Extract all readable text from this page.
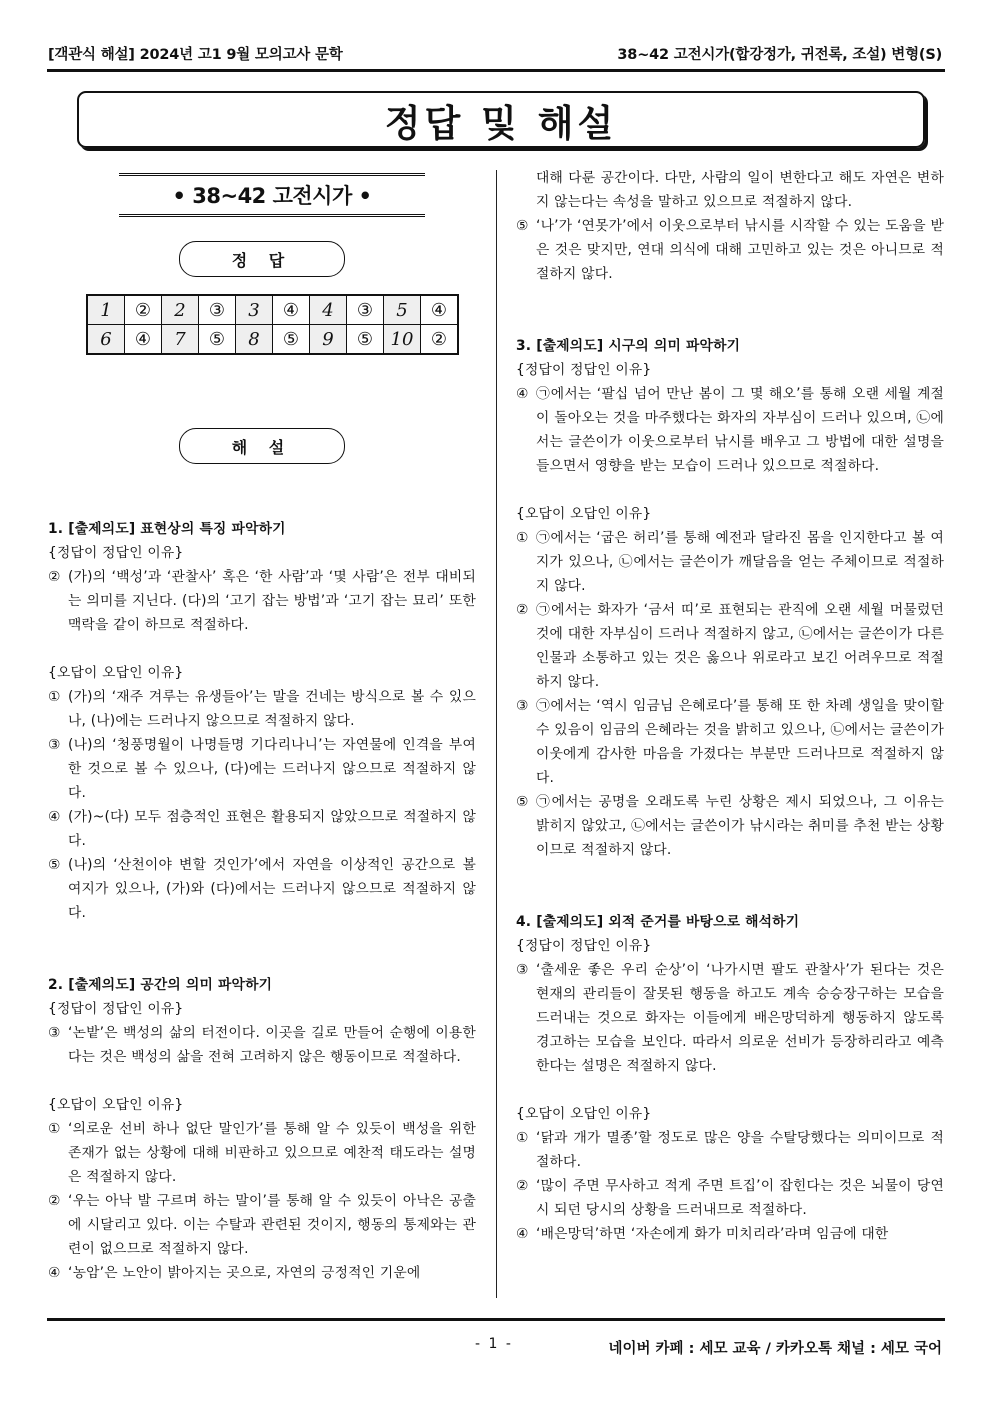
[객관식 해설] 2024년 고1 9월 모의고사 문학	38~42 고전시가(합강정가, 귀전록, 조설) 변형(S)
정답 및 해설
• 38~42 고전시가 •
정 답
1	②	2	③	3	④	4	③	5	④
6	④	7	⑤	8	⑤	9	⑤	10	②
해 설
1. [출제의도] 표현상의 특징 파악하기
{정답이 정답인 이유}
② (가)의 ‘백성’과 ‘관찰사’ 혹은 ‘한 사람’과 ‘몇 사람’은 전부 대비되는 의미를 지닌다. (다)의 ‘고기 잡는 방법’과 ‘고기 잡는 묘리’ 또한 맥락을 같이 하므로 적절하다.
{오답이 오답인 이유}
① (가)의 ‘재주 겨루는 유생들아’는 말을 건네는 방식으로 볼 수 있으나, (나)에는 드러나지 않으므로 적절하지 않다.
③ (나)의 ‘청풍명월이 나명들명 기다리나니’는 자연물에 인격을 부여한 것으로 볼 수 있으나, (다)에는 드러나지 않으므로 적절하지 않다.
④ (가)~(다) 모두 점층적인 표현은 활용되지 않았으므로 적절하지 않다.
⑤ (나)의 ‘산천이야 변할 것인가’에서 자연을 이상적인 공간으로 볼 여지가 있으나, (가)와 (다)에서는 드러나지 않으므로 적절하지 않다.
2. [출제의도] 공간의 의미 파악하기
{정답이 정답인 이유}
③ ‘논밭’은 백성의 삶의 터전이다. 이곳을 길로 만들어 순행에 이용한다는 것은 백성의 삶을 전혀 고려하지 않은 행동이므로 적절하다.
{오답이 오답인 이유}
① ‘의로운 선비 하나 없단 말인가’를 통해 알 수 있듯이 백성을 위한 존재가 없는 상황에 대해 비판하고 있으므로 예찬적 태도라는 설명은 적절하지 않다.
② ‘우는 아낙 발 구르며 하는 말이’를 통해 알 수 있듯이 아낙은 공출에 시달리고 있다. 이는 수탈과 관련된 것이지, 행동의 통제와는 관련이 없으므로 적절하지 않다.
④ ‘농암’은 노안이 밝아지는 곳으로, 자연의 긍정적인 기운에
대해 다룬 공간이다. 다만, 사람의 일이 변한다고 해도 자연은 변하지 않는다는 속성을 말하고 있으므로 적절하지 않다.
⑤ ‘나’가 ‘연못가’에서 이웃으로부터 낚시를 시작할 수 있는 도움을 받은 것은 맞지만, 연대 의식에 대해 고민하고 있는 것은 아니므로 적절하지 않다.
3. [출제의도] 시구의 의미 파악하기
{정답이 정답인 이유}
④ ㉠에서는 ‘팔십 넘어 만난 봄이 그 몇 해오’를 통해 오랜 세월 계절이 돌아오는 것을 마주했다는 화자의 자부심이 드러나 있으며, ㉡에서는 글쓴이가 이웃으로부터 낚시를 배우고 그 방법에 대한 설명을 들으면서 영향을 받는 모습이 드러나 있으므로 적절하다.
{오답이 오답인 이유}
① ㉠에서는 ‘굽은 허리’를 통해 예전과 달라진 몸을 인지한다고 볼 여지가 있으나, ㉡에서는 글쓴이가 깨달음을 얻는 주체이므로 적절하지 않다.
② ㉠에서는 화자가 ‘금서 띠’로 표현되는 관직에 오랜 세월 머물렀던 것에 대한 자부심이 드러나 적절하지 않고, ㉡에서는 글쓴이가 다른 인물과 소통하고 있는 것은 옳으나 위로라고 보긴 어려우므로 적절하지 않다.
③ ㉠에서는 ‘역시 임금님 은혜로다’를 통해 또 한 차례 생일을 맞이할 수 있음이 임금의 은혜라는 것을 밝히고 있으나, ㉡에서는 글쓴이가 이웃에게 감사한 마음을 가졌다는 부분만 드러나므로 적절하지 않다.
⑤ ㉠에서는 공명을 오래도록 누린 상황은 제시 되었으나, 그 이유는 밝히지 않았고, ㉡에서는 글쓴이가 낚시라는 취미를 추천 받는 상황이므로 적절하지 않다.
4. [출제의도] 외적 준거를 바탕으로 해석하기
{정답이 정답인 이유}
③ ‘출세운 좋은 우리 순상’이 ‘나가시면 팔도 관찰사’가 된다는 것은 현재의 관리들이 잘못된 행동을 하고도 계속 승승장구하는 모습을 드러내는 것으로 화자는 이들에게 배은망덕하게 행동하지 않도록 경고하는 모습을 보인다. 따라서 의로운 선비가 등장하리라고 예측한다는 설명은 적절하지 않다.
{오답이 오답인 이유}
① ‘닭과 개가 멸종’할 정도로 많은 양을 수탈당했다는 의미이므로 적절하다.
② ‘많이 주면 무사하고 적게 주면 트집’이 잡힌다는 것은 뇌물이 당연시 되던 당시의 상황을 드러내므로 적절하다.
④ ‘배은망덕’하면 ‘자손에게 화가 미치리라’라며 임금에 대한
- 1 -	네이버 카페 : 세모 교육 / 카카오톡 채널 : 세모 국어
